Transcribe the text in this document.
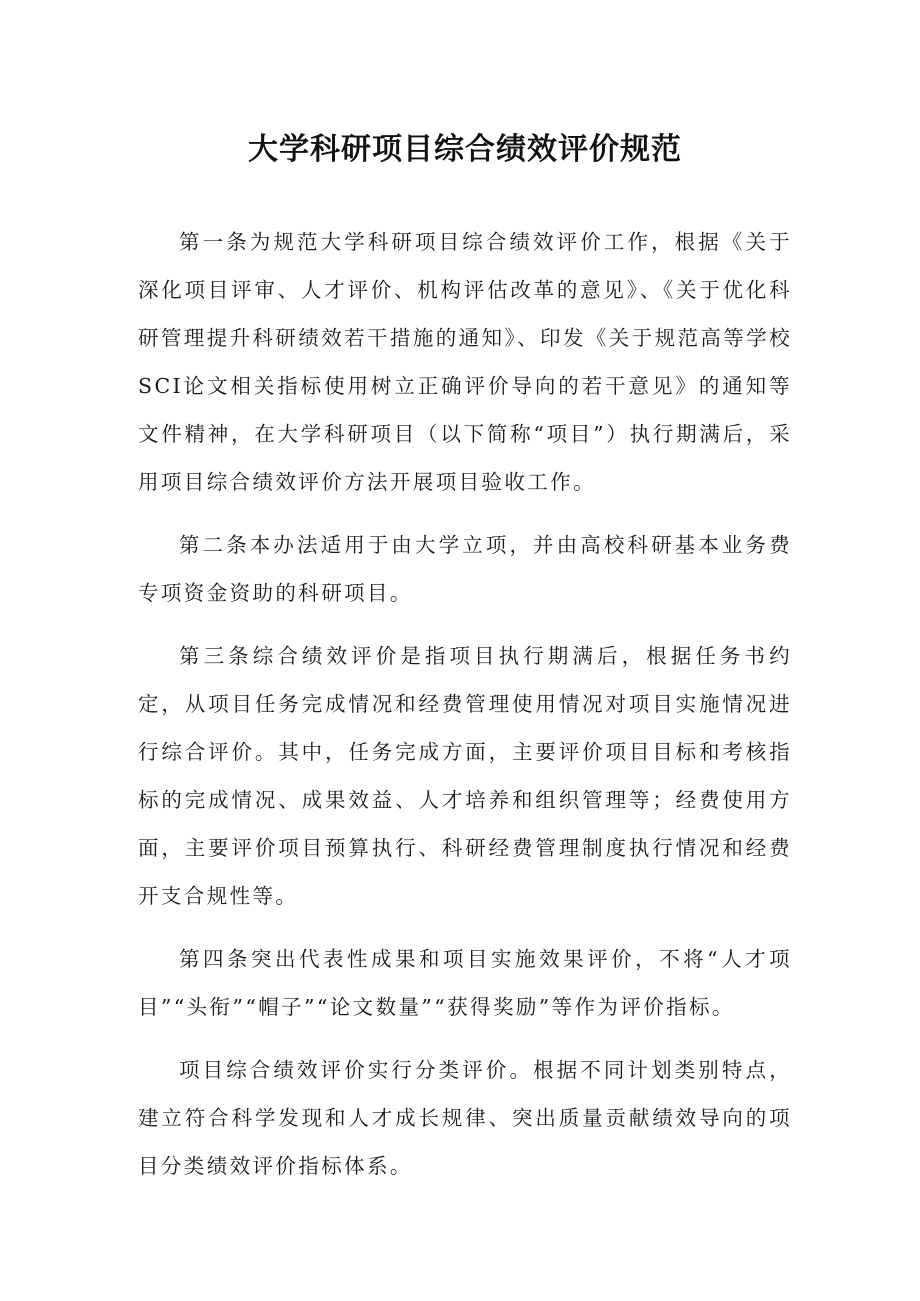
大学科研项目综合绩效评价规范

第一条为规范大学科研项目综合绩效评价工作，根据《关于深化项目评审、人才评价、机构评估改革的意见》、《关于优化科研管理提升科研绩效若干措施的通知》、印发《关于规范高等学校SCI论文相关指标使用树立正确评价导向的若干意见》的通知等文件精神，在大学科研项目（以下简称“项目”）执行期满后，采用项目综合绩效评价方法开展项目验收工作。

第二条本办法适用于由大学立项，并由高校科研基本业务费专项资金资助的科研项目。

第三条综合绩效评价是指项目执行期满后，根据任务书约定，从项目任务完成情况和经费管理使用情况对项目实施情况进行综合评价。其中，任务完成方面，主要评价项目目标和考核指标的完成情况、成果效益、人才培养和组织管理等；经费使用方面，主要评价项目预算执行、科研经费管理制度执行情况和经费开支合规性等。

第四条突出代表性成果和项目实施效果评价，不将“人才项目”“头衔”“帽子”“论文数量”“获得奖励”等作为评价指标。

项目综合绩效评价实行分类评价。根据不同计划类别特点，建立符合科学发现和人才成长规律、突出质量贡献绩效导向的项目分类绩效评价指标体系。
